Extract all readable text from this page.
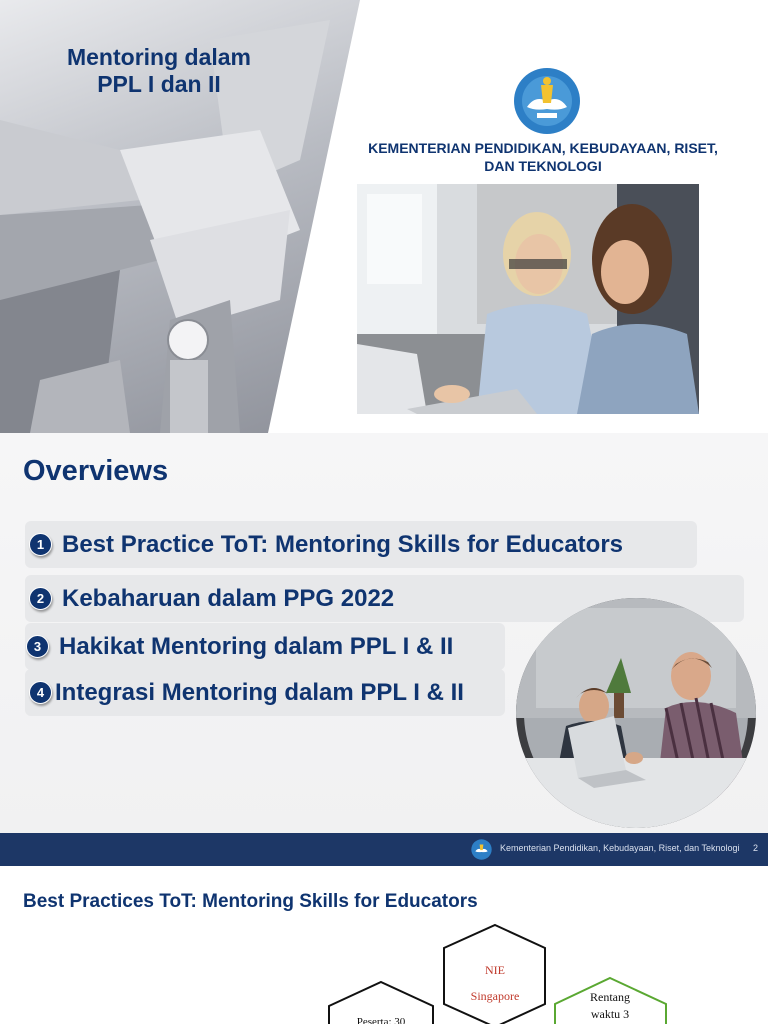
Mentoring dalam
PPL I dan II
KEMENTERIAN PENDIDIKAN, KEBUDAYAAN, RISET,
DAN TEKNOLOGI
Overviews
1 Best Practice ToT: Mentoring Skills for Educators
2 Kebaharuan dalam PPG 2022
3 Hakikat Mentoring dalam PPL I & II
4 Integrasi Mentoring dalam PPL I & II
Kementerian Pendidikan, Kebudayaan, Riset, dan Teknologi 2
Best Practices ToT: Mentoring Skills for Educators
NIE
Singapore	Rentang
waktu 3
Peserta: 30
